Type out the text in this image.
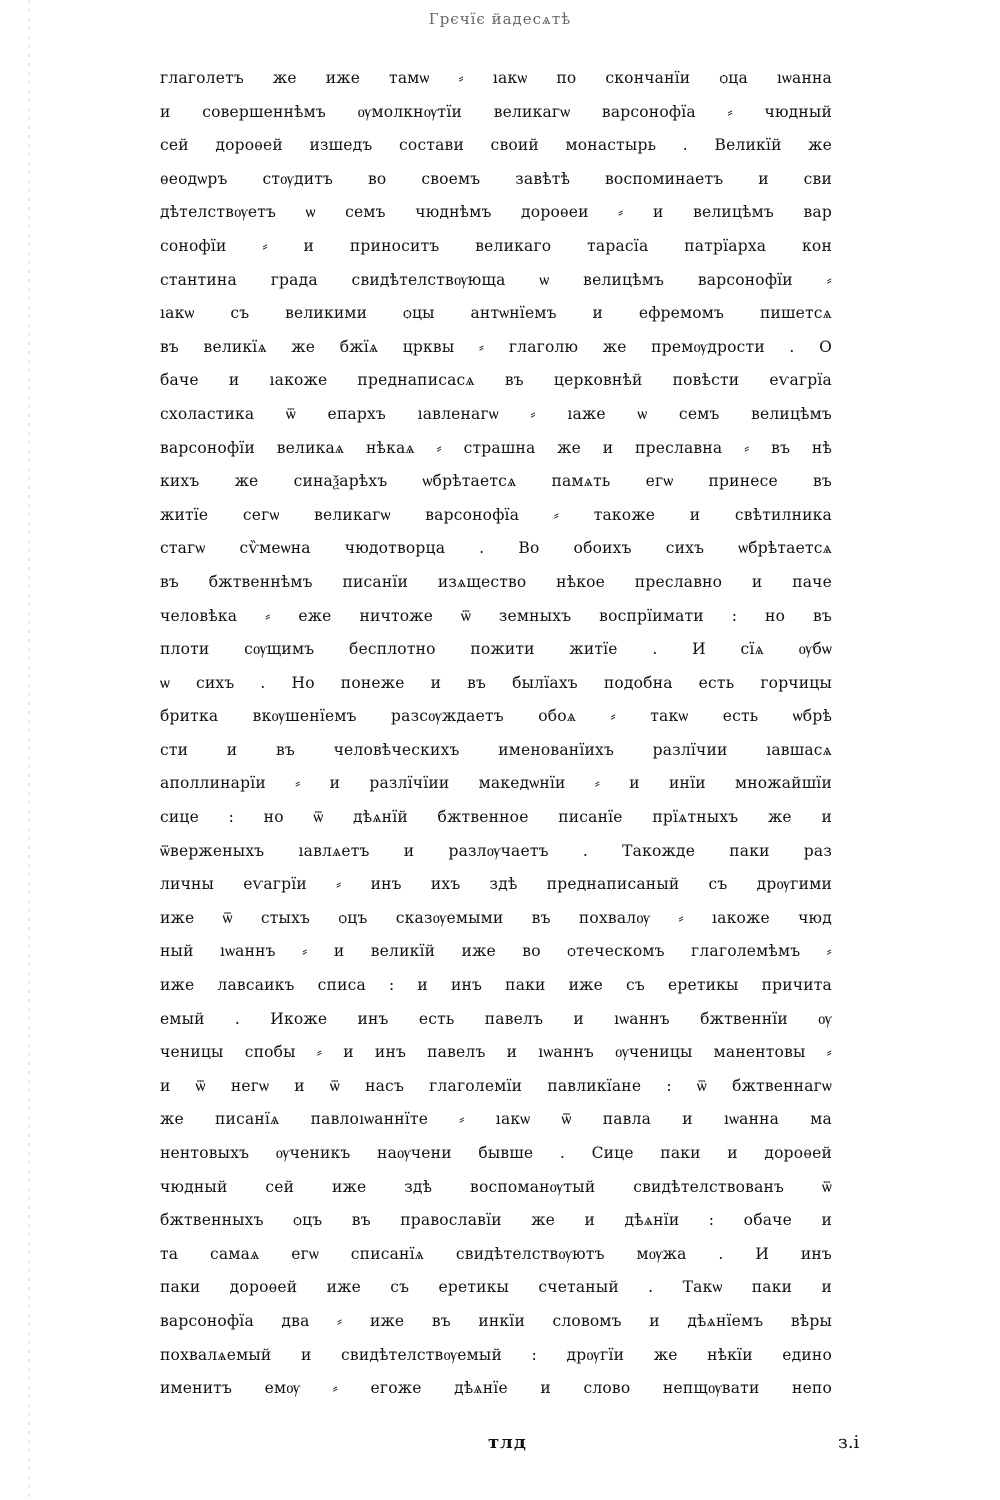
Грєчїє йадесѧтѣ
глаголетъ же иже тамѡ ⸗ ıакѡ по скончанїи ѻца ıѡанна
и совершеннѣмъ ѹмолкнѹтїи великагѡ варсонофїа ⸗ чюдный
сей дороѳей изшедъ состави своий монастырь . Великїй же
ѳеодѡръ стѹдитъ во своемъ завѣтѣ воспоминаетъ и сви
дѣтелствѹетъ ѡ семъ чюднѣмъ дороѳеи ⸗ и велицѣмъ вар
сонофїи ⸗ и приноситъ великаго тарасїа патрїарха кон
стантина града свидѣтелствѹюща ѡ велицѣмъ варсонофїи ⸗
ıакѡ съ великими ѻцы антѡнїемъ и ефремомъ пишетсѧ
въ великїѧ же бжїѧ црквы ⸗ глаголю же премѹдрости . О
баче и ıакоже преднаписасѧ въ церковнѣй повѣсти еѵагрїа
схоластика ѿ епархъ ıавленагѡ ⸗ ıаже ѡ семъ велицѣмъ
варсонофїи великаѧ нѣкаѧ ⸗ страшна же и преславна ⸗ въ нѣ
кихъ же синаѯарѣхъ ѡбрѣтаетсѧ памѧть егѡ принесе въ
житїе сегѡ великагѡ варсонофїа ⸗ такоже и свѣтилника
стагѡ сѷмеѡна чюдотворца . Во обоихъ сихъ ѡбрѣтаетсѧ
въ бжтвеннѣмъ писанїи изѧщество нѣкое преславно и паче
человѣка ⸗ еже ничтоже ѿ земныхъ воспрїимати : но въ
плоти сѹщимъ бесплотно пожити житїе . И сїѧ ѹбѡ
ѡ сихъ . Но понеже и въ былїахъ подобна есть горчицы
бритка вкѹшенїемъ разсѹждаетъ обоѧ ⸗ такѡ есть ѡбрѣ
сти и въ человѣческихъ именованїихъ разлїчии ıавшасѧ
аполлинарїи ⸗ и разлїчїии македѡнїи ⸗ и инїи множайшїи
сице : но ѿ дѣѧнїй бжтвенное писанїе прїѧтныхъ же и
ѿверженыхъ ıавлѧетъ и разлѹчаетъ . Такожде паки раз
личны еѵагрїи ⸗ инъ ихъ здѣ преднаписаный съ дрѹгими
иже ѿ стыхъ ѻцъ сказѹемыми въ похвалѹ ⸗ ıакоже чюд
ный ıѡаннъ ⸗ и великїй иже во ѻтеческомъ глаголемѣмъ ⸗
иже лавсаикъ списа : и инъ паки иже съ еретикы причита
емый . Икоже инъ есть павелъ и ıѡаннъ бжтвеннїи ѹ
ченицы спобы ⸗ и инъ павелъ и ıѡаннъ ѹченицы манентовы ⸗
и ѿ негѡ и ѿ насъ глаголемїи павликїане : ѿ бжтвеннагѡ
же писанїѧ павлоıѡаннїте ⸗ ıакѡ ѿ павла и ıѡанна ма
нентовыхъ ѹченикъ наѹчени бывше . Сице паки и дороѳей
чюдный сей иже здѣ воспоманѹтый свидѣтелствованъ ѿ
бжтвенныхъ ѻцъ въ православїи же и дѣѧнїи : обаче и
та самаѧ егѡ списанїѧ свидѣтелствѹютъ мѹжа . И инъ
паки дороѳей иже съ еретикы счетаный . Такѡ паки и
варсонофїа два ⸗ иже въ инкїи словомъ и дѣѧнїемъ вѣры
похвалѧемый и свидѣтелствѹемый : дрѹгїи же нѣкїи едино
именитъ емѹ ⸗ егоже дѣѧнїе и слово непщѹвати непо
тлд	з.і
